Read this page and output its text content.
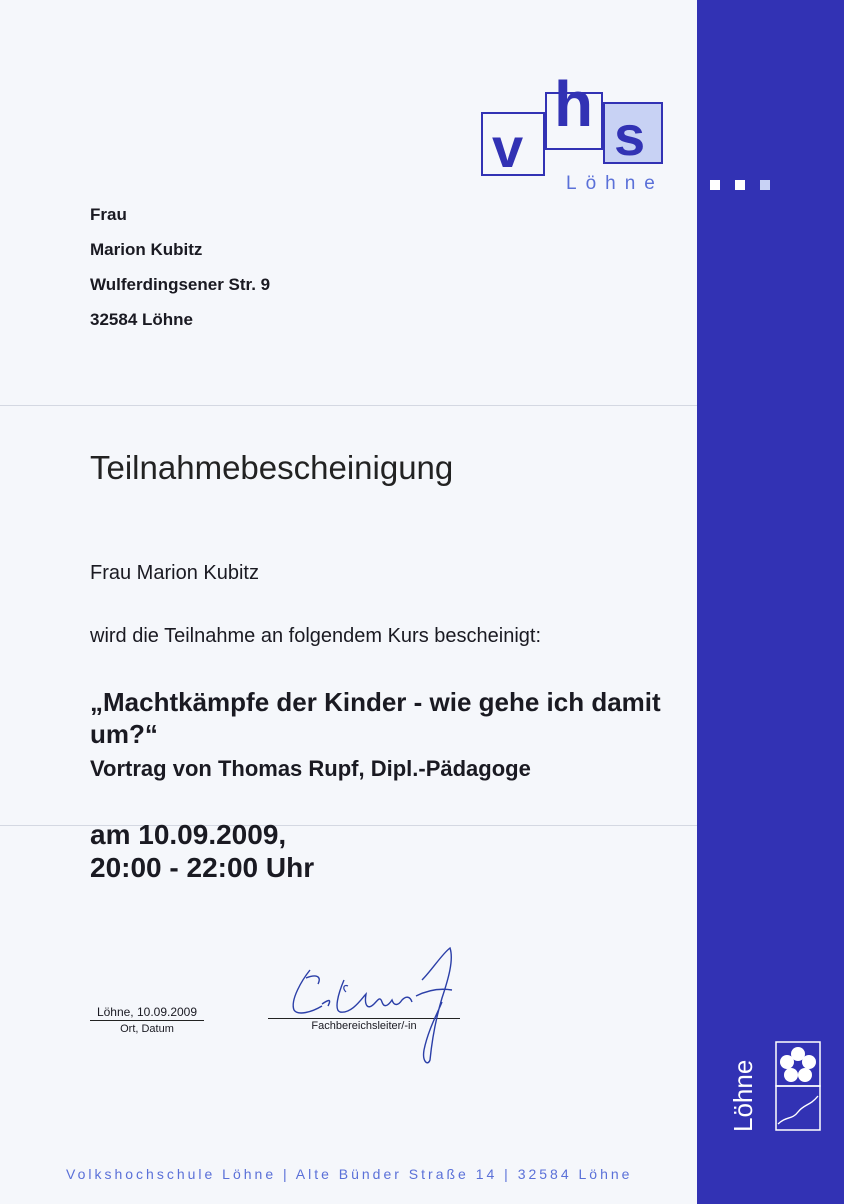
v
h s
Löhne
Frau
Marion Kubitz
Wulferdingsener Str. 9
32584 Löhne
Teilnahmebescheinigung
Frau Marion Kubitz
wird die Teilnahme an folgendem Kurs bescheinigt:
„Machtkämpfe der Kinder - wie gehe ich damit um?“
Vortrag von Thomas Rupf, Dipl.-Pädagoge
am 10.09.2009,
20:00 - 22:00 Uhr
Löhne, 10.09.2009
Ort, Datum	Fachbereichsleiter/-in
Volkshochschule Löhne | Alte Bünder Straße 14 | 32584 Löhne
Löhne
